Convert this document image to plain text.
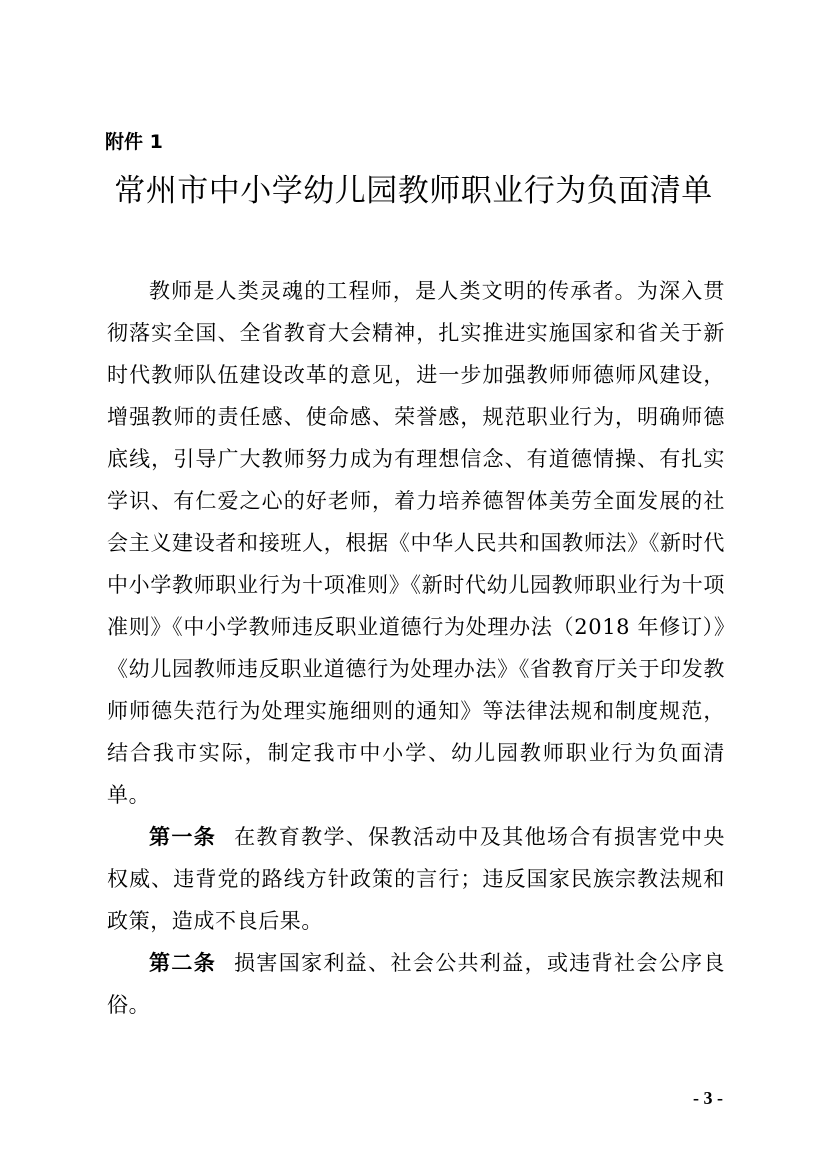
附件 1
常州市中小学幼儿园教师职业行为负面清单

教师是人类灵魂的工程师，是人类文明的传承者。为深入贯彻落实全国、全省教育大会精神，扎实推进实施国家和省关于新时代教师队伍建设改革的意见，进一步加强教师师德师风建设，增强教师的责任感、使命感、荣誉感，规范职业行为，明确师德底线，引导广大教师努力成为有理想信念、有道德情操、有扎实学识、有仁爱之心的好老师，着力培养德智体美劳全面发展的社会主义建设者和接班人，根据《中华人民共和国教师法》《新时代中小学教师职业行为十项准则》《新时代幼儿园教师职业行为十项准则》《中小学教师违反职业道德行为处理办法（2018 年修订）》《幼儿园教师违反职业道德行为处理办法》《省教育厅关于印发教师师德失范行为处理实施细则的通知》等法律法规和制度规范，结合我市实际，制定我市中小学、幼儿园教师职业行为负面清单。

第一条 在教育教学、保教活动中及其他场合有损害党中央权威、违背党的路线方针政策的言行；违反国家民族宗教法规和政策，造成不良后果。

第二条 损害国家利益、社会公共利益，或违背社会公序良俗。

- 3 -
